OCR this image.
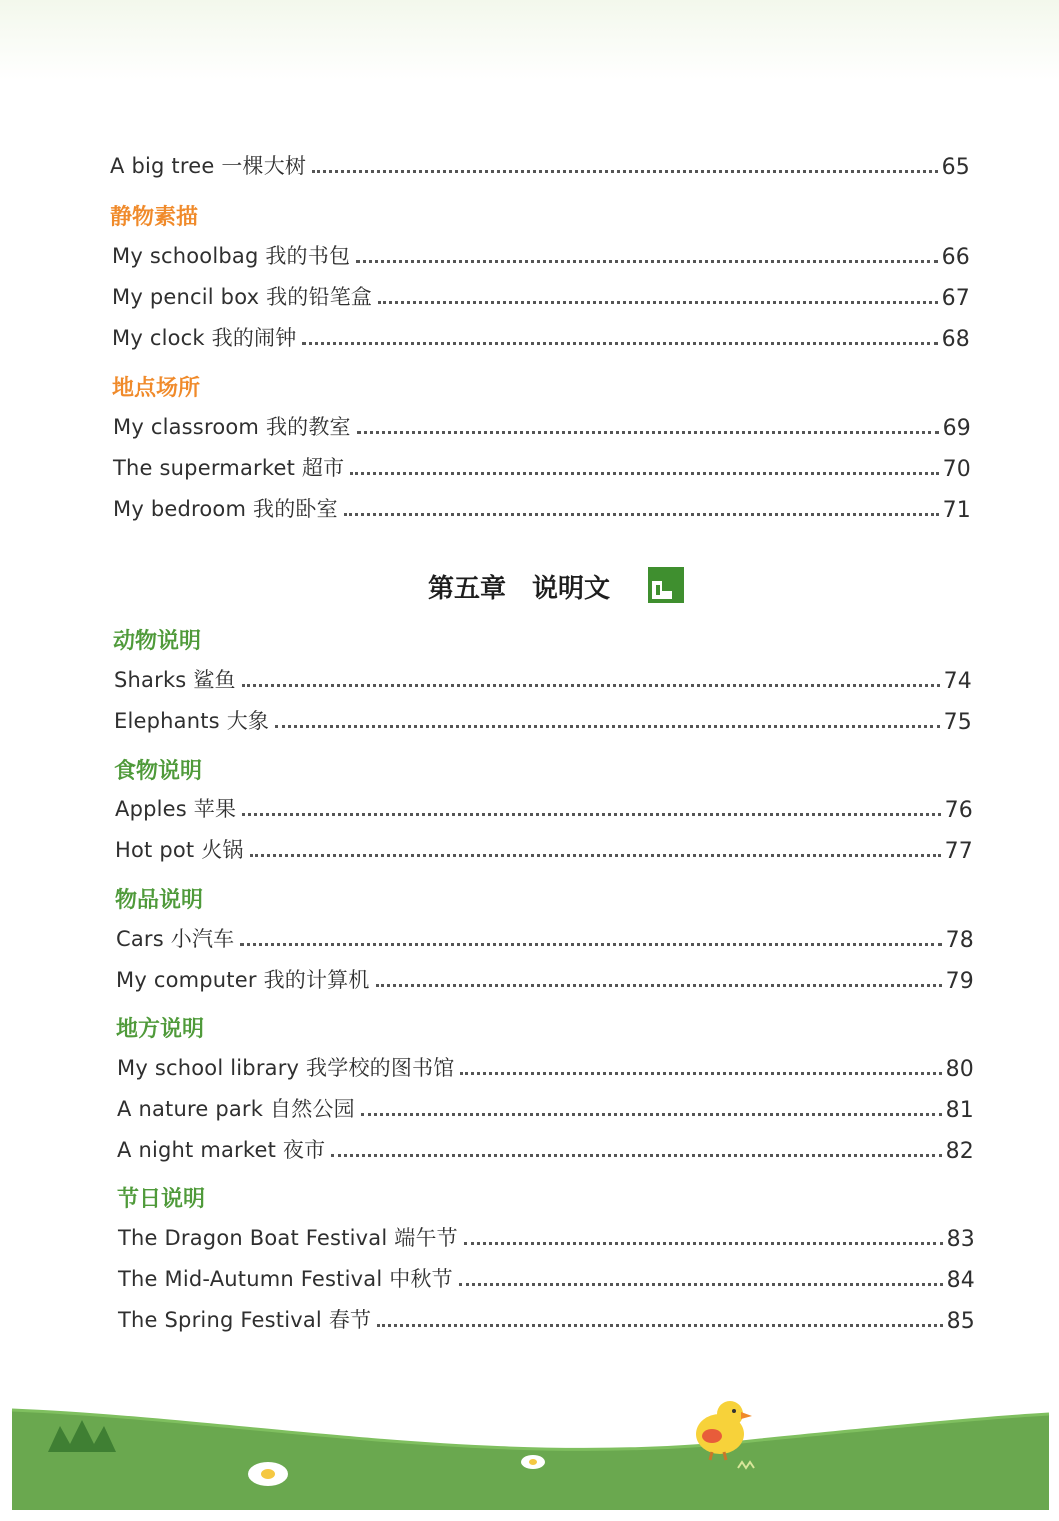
A big tree 一棵大树	65
静物素描
My schoolbag 我的书包	66
My pencil box 我的铅笔盒	67
My clock 我的闹钟	68
地点场所
My classroom 我的教室	69
The supermarket 超市	70
My bedroom 我的卧室	71
第五章　说明文
动物说明
Sharks 鲨鱼	74
Elephants 大象	75
食物说明
Apples 苹果	76
Hot pot 火锅	77
物品说明
Cars 小汽车	78
My computer 我的计算机	79
地方说明
My school library 我学校的图书馆	80
A nature park 自然公园	81
A night market 夜市	82
节日说明
The Dragon Boat Festival 端午节	83
The Mid-Autumn Festival 中秋节	84
The Spring Festival 春节	85
